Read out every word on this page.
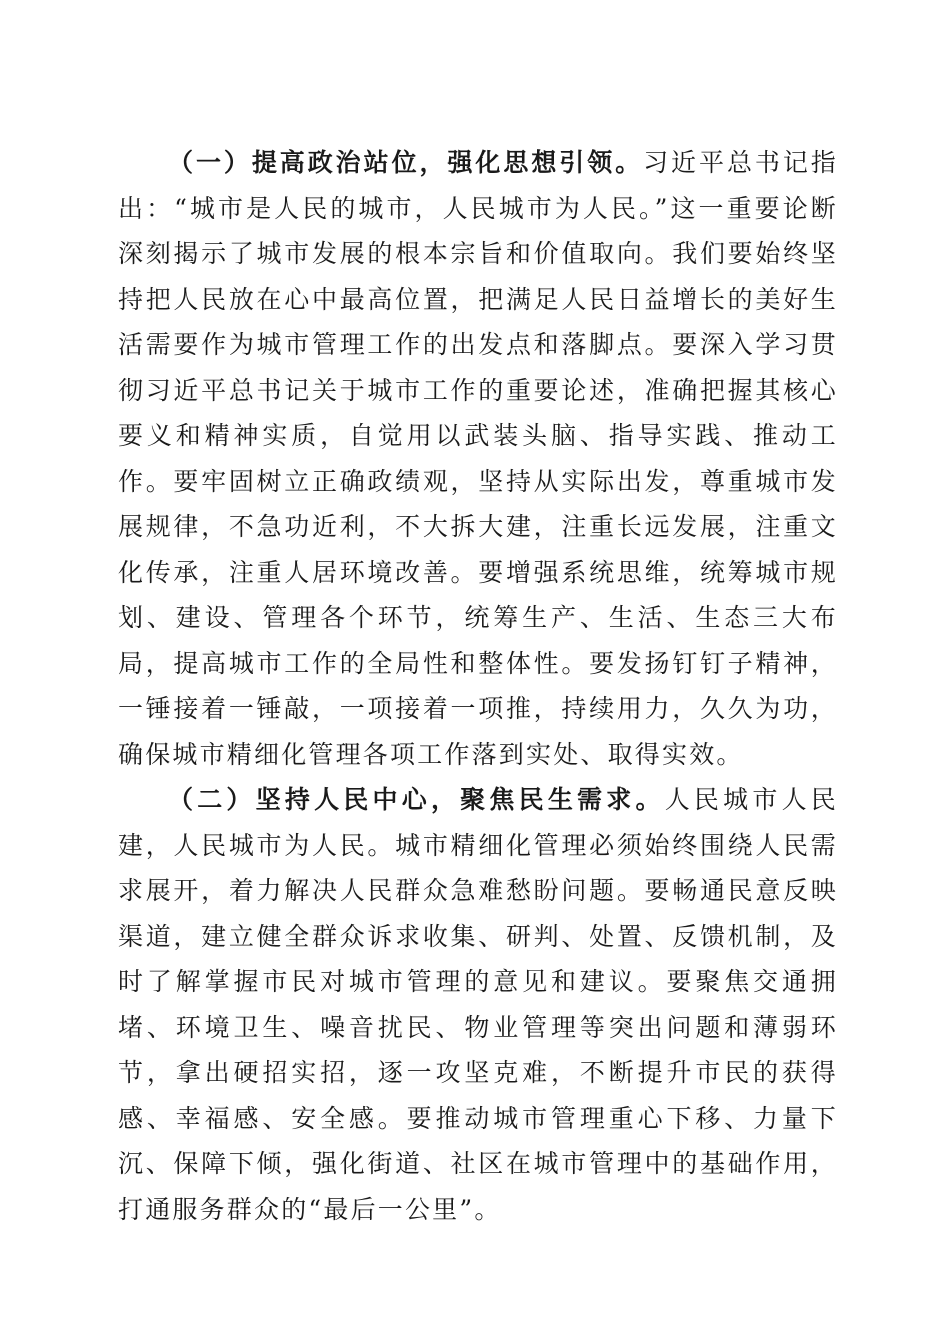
（一）提高政治站位，强化思想引领。习近平总书记指出：“城市是人民的城市，人民城市为人民。”这一重要论断深刻揭示了城市发展的根本宗旨和价值取向。我们要始终坚持把人民放在心中最高位置，把满足人民日益增长的美好生活需要作为城市管理工作的出发点和落脚点。要深入学习贯彻习近平总书记关于城市工作的重要论述，准确把握其核心要义和精神实质，自觉用以武装头脑、指导实践、推动工作。要牢固树立正确政绩观，坚持从实际出发，尊重城市发展规律，不急功近利，不大拆大建，注重长远发展，注重文化传承，注重人居环境改善。要增强系统思维，统筹城市规划、建设、管理各个环节，统筹生产、生活、生态三大布局，提高城市工作的全局性和整体性。要发扬钉钉子精神，一锤接着一锤敲，一项接着一项推，持续用力，久久为功，确保城市精细化管理各项工作落到实处、取得实效。

（二）坚持人民中心，聚焦民生需求。人民城市人民建，人民城市为人民。城市精细化管理必须始终围绕人民需求展开，着力解决人民群众急难愁盼问题。要畅通民意反映渠道，建立健全群众诉求收集、研判、处置、反馈机制，及时了解掌握市民对城市管理的意见和建议。要聚焦交通拥堵、环境卫生、噪音扰民、物业管理等突出问题和薄弱环节，拿出硬招实招，逐一攻坚克难，不断提升市民的获得感、幸福感、安全感。要推动城市管理重心下移、力量下沉、保障下倾，强化街道、社区在城市管理中的基础作用，打通服务群众的“最后一公里”。
